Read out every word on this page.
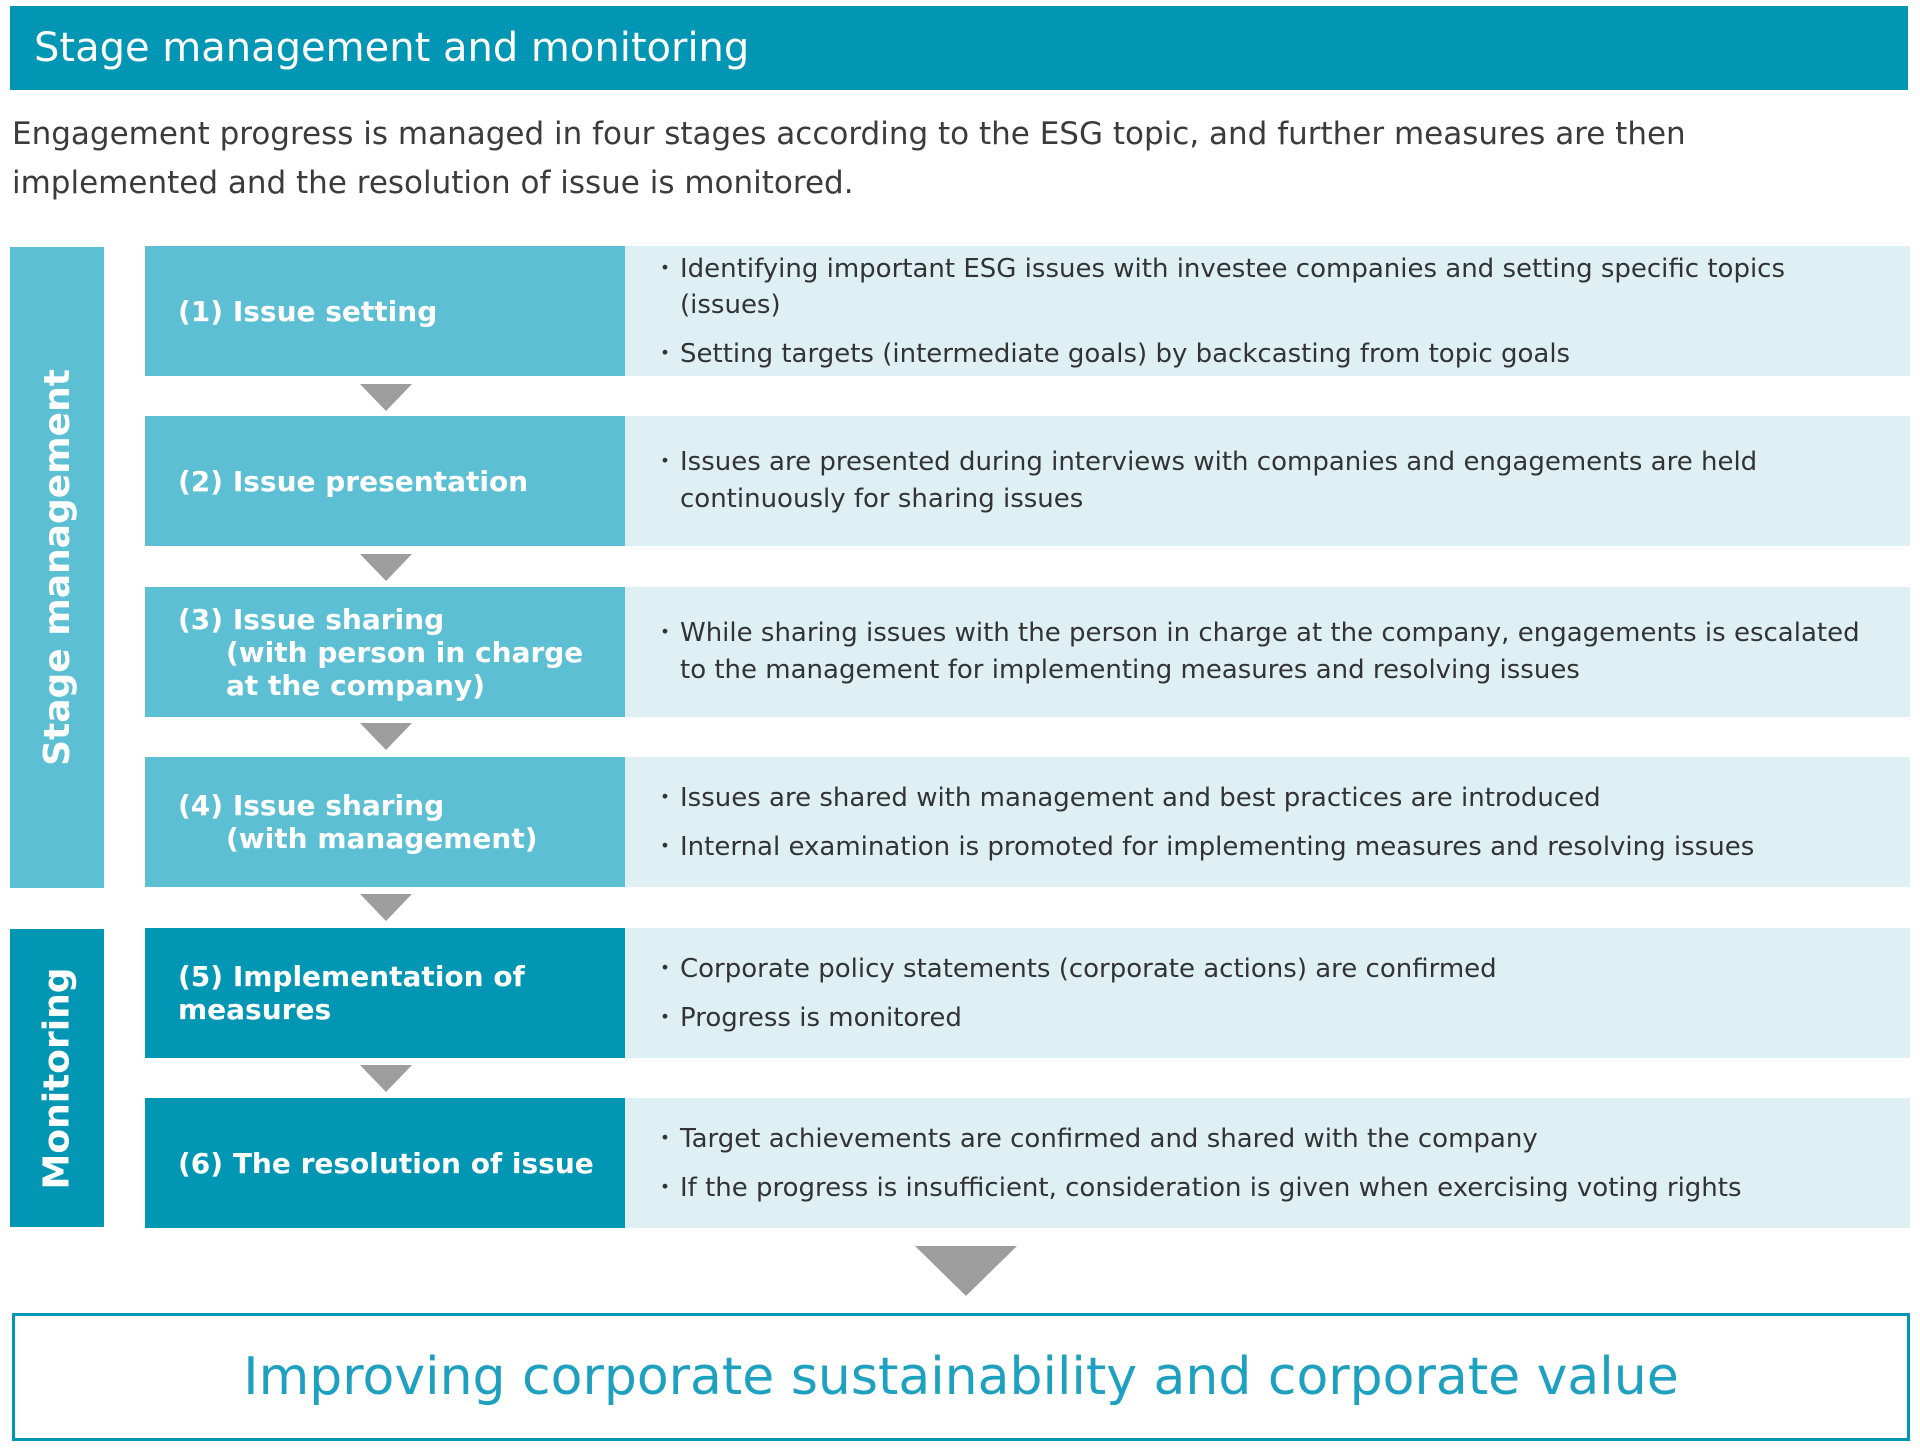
Stage management and monitoring
Engagement progress is managed in four stages according to the ESG topic, and further measures are then implemented and the resolution of issue is monitored.
Stage management
Monitoring
(1) Issue setting
・ Identifying important ESG issues with investee companies and setting specific topics (issues)
・ Setting targets (intermediate goals) by backcasting from topic goals
(2) Issue presentation
・ Issues are presented during interviews with companies and engagements are held continuously for sharing issues
(3) Issue sharing
(with person in charge
at the company)
・ While sharing issues with the person in charge at the company, engagements is escalated to the management for implementing measures and resolving issues
(4) Issue sharing
(with management)
・ Issues are shared with management and best practices are introduced
・ Internal examination is promoted for implementing measures and resolving issues
(5) Implementation of measures
・ Corporate policy statements (corporate actions) are confirmed
・ Progress is monitored
(6) The resolution of issue
・ Target achievements are confirmed and shared with the company
・ If the progress is insufficient, consideration is given when exercising voting rights
Improving corporate sustainability and corporate value
